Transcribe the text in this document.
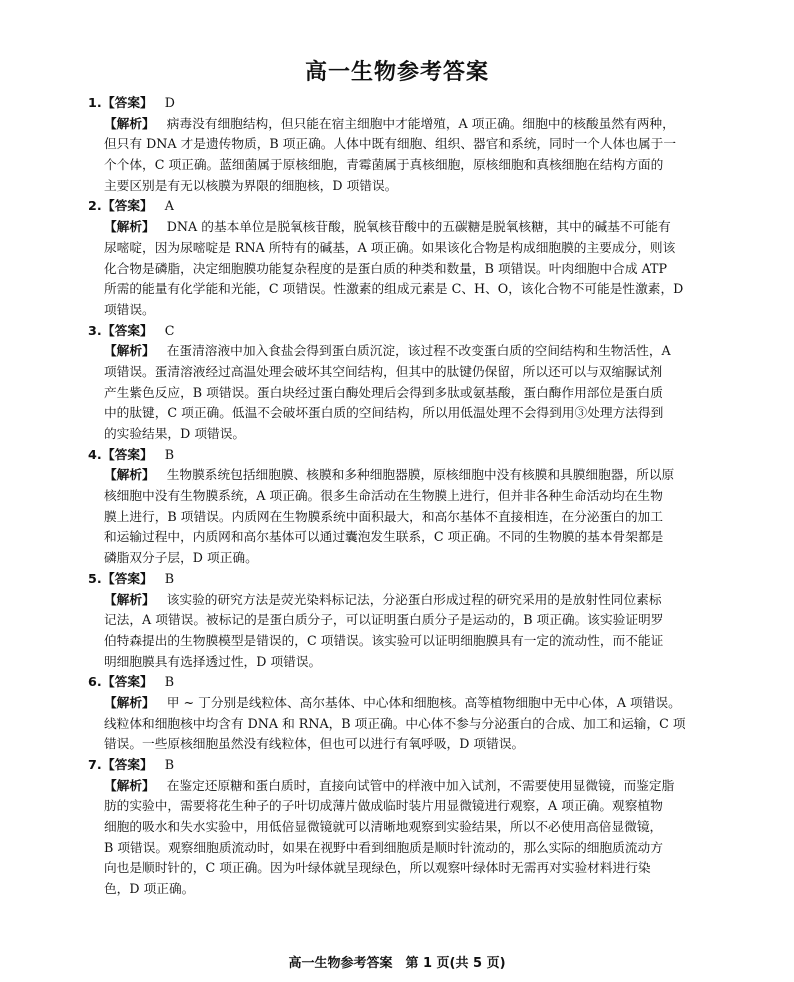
高一生物参考答案
1.【答案】 D
【解析】 病毒没有细胞结构，但只能在宿主细胞中才能增殖，A 项正确。细胞中的核酸虽然有两种，
但只有 DNA 才是遗传物质，B 项正确。人体中既有细胞、组织、器官和系统，同时一个人体也属于一
个个体，C 项正确。蓝细菌属于原核细胞，青霉菌属于真核细胞，原核细胞和真核细胞在结构方面的
主要区别是有无以核膜为界限的细胞核，D 项错误。
2.【答案】 A
【解析】 DNA 的基本单位是脱氧核苷酸，脱氧核苷酸中的五碳糖是脱氧核糖，其中的碱基不可能有
尿嘧啶，因为尿嘧啶是 RNA 所特有的碱基，A 项正确。如果该化合物是构成细胞膜的主要成分，则该
化合物是磷脂，决定细胞膜功能复杂程度的是蛋白质的种类和数量，B 项错误。叶肉细胞中合成 ATP
所需的能量有化学能和光能，C 项错误。性激素的组成元素是 C、H、O，该化合物不可能是性激素，D
项错误。
3.【答案】 C
【解析】 在蛋清溶液中加入食盐会得到蛋白质沉淀，该过程不改变蛋白质的空间结构和生物活性，A
项错误。蛋清溶液经过高温处理会破坏其空间结构，但其中的肽键仍保留，所以还可以与双缩脲试剂
产生紫色反应，B 项错误。蛋白块经过蛋白酶处理后会得到多肽或氨基酸，蛋白酶作用部位是蛋白质
中的肽键，C 项正确。低温不会破坏蛋白质的空间结构，所以用低温处理不会得到用③处理方法得到
的实验结果，D 项错误。
4.【答案】 B
【解析】 生物膜系统包括细胞膜、核膜和多种细胞器膜，原核细胞中没有核膜和具膜细胞器，所以原
核细胞中没有生物膜系统，A 项正确。很多生命活动在生物膜上进行，但并非各种生命活动均在生物
膜上进行，B 项错误。内质网在生物膜系统中面积最大，和高尔基体不直接相连，在分泌蛋白的加工
和运输过程中，内质网和高尔基体可以通过囊泡发生联系，C 项正确。不同的生物膜的基本骨架都是
磷脂双分子层，D 项正确。
5.【答案】 B
【解析】 该实验的研究方法是荧光染料标记法，分泌蛋白形成过程的研究采用的是放射性同位素标
记法，A 项错误。被标记的是蛋白质分子，可以证明蛋白质分子是运动的，B 项正确。该实验证明罗
伯特森提出的生物膜模型是错误的，C 项错误。该实验可以证明细胞膜具有一定的流动性，而不能证
明细胞膜具有选择透过性，D 项错误。
6.【答案】 B
【解析】 甲 ~ 丁分别是线粒体、高尔基体、中心体和细胞核。高等植物细胞中无中心体，A 项错误。
线粒体和细胞核中均含有 DNA 和 RNA，B 项正确。中心体不参与分泌蛋白的合成、加工和运输，C 项
错误。一些原核细胞虽然没有线粒体，但也可以进行有氧呼吸，D 项错误。
7.【答案】 B
【解析】 在鉴定还原糖和蛋白质时，直接向试管中的样液中加入试剂，不需要使用显微镜，而鉴定脂
肪的实验中，需要将花生种子的子叶切成薄片做成临时装片用显微镜进行观察，A 项正确。观察植物
细胞的吸水和失水实验中，用低倍显微镜就可以清晰地观察到实验结果，所以不必使用高倍显微镜，
B 项错误。观察细胞质流动时，如果在视野中看到细胞质是顺时针流动的，那么实际的细胞质流动方
向也是顺时针的，C 项正确。因为叶绿体就呈现绿色，所以观察叶绿体时无需再对实验材料进行染
色，D 项正确。
高一生物参考答案　第 1 页(共 5 页)
